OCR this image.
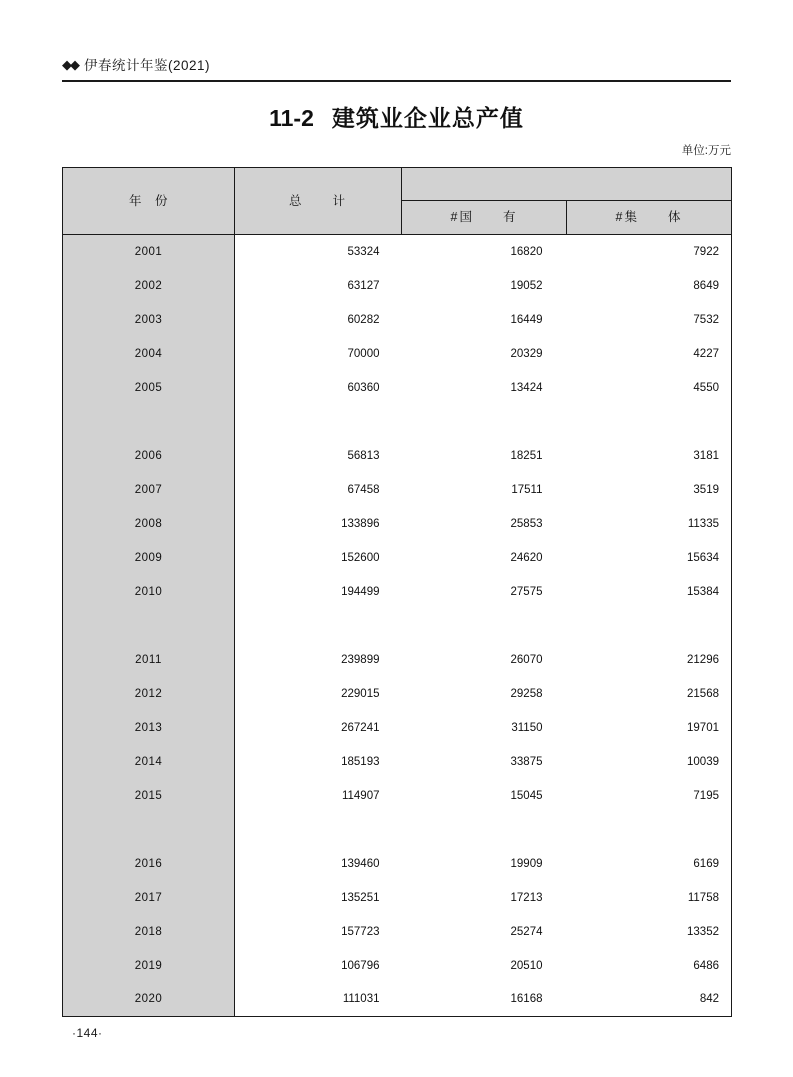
◆◆ 伊春统计年鉴(2021)
11-2 建筑业企业总产值
单位:万元
年　份	总　　计		
		#国　　有	#集　　体
2001	53324	16820	7922
2002	63127	19052	8649
2003	60282	16449	7532
2004	70000	20329	4227
2005	60360	13424	4550

2006	56813	18251	3181
2007	67458	17511	3519
2008	133896	25853	11335
2009	152600	24620	15634
2010	194499	27575	15384

2011	239899	26070	21296
2012	229015	29258	21568
2013	267241	31150	19701
2014	185193	33875	10039
2015	114907	15045	7195

2016	139460	19909	6169
2017	135251	17213	11758
2018	157723	25274	13352
2019	106796	20510	6486
2020	111031	16168	842
·144·
